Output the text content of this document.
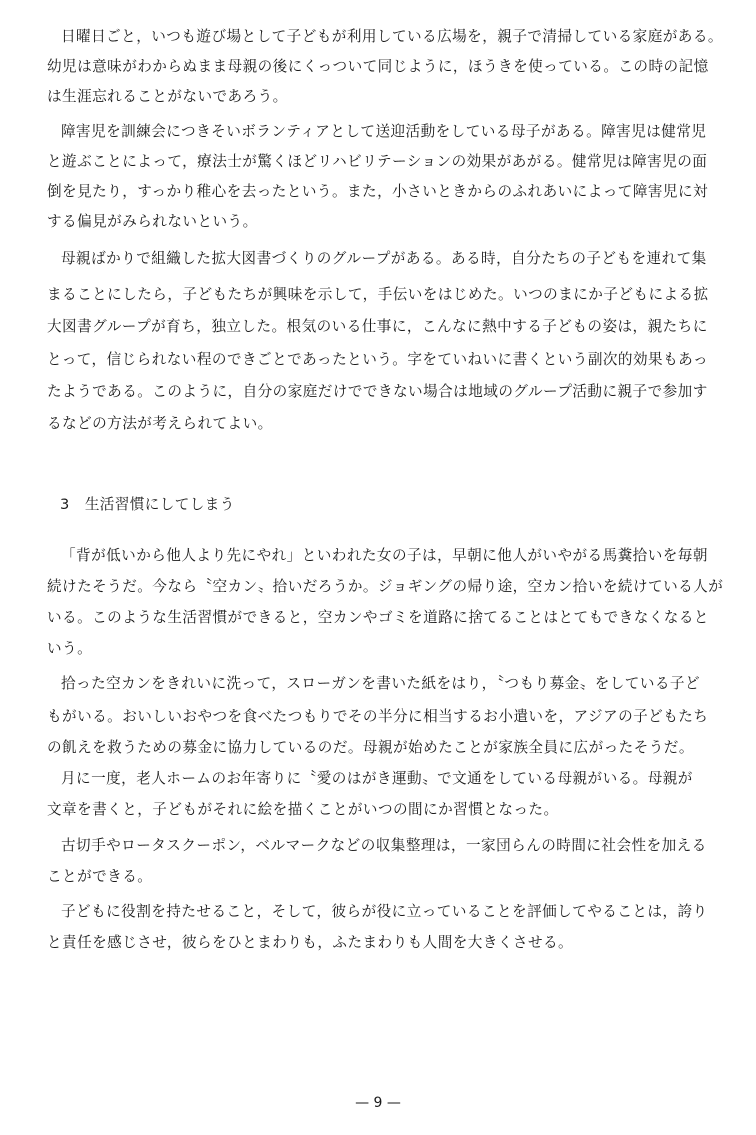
日曜日ごと，いつも遊び場として子どもが利用している広場を，親子で清掃している家庭がある。
幼児は意味がわからぬまま母親の後にくっついて同じように，ほうきを使っている。この時の記憶
は生涯忘れることがないであろう。
障害児を訓練会につきそいボランティアとして送迎活動をしている母子がある。障害児は健常児
と遊ぶことによって，療法士が驚くほどリハビリテーションの効果があがる。健常児は障害児の面
倒を見たり，すっかり稚心を去ったという。また，小さいときからのふれあいによって障害児に対
する偏見がみられないという。
母親ばかりで組織した拡大図書づくりのグループがある。ある時，自分たちの子どもを連れて集
まることにしたら，子どもたちが興味を示して，手伝いをはじめた。いつのまにか子どもによる拡
大図書グループが育ち，独立した。根気のいる仕事に，こんなに熱中する子どもの姿は，親たちに
とって，信じられない程のできごとであったという。字をていねいに書くという副次的効果もあっ
たようである。このように，自分の家庭だけでできない場合は地域のグループ活動に親子で参加す
るなどの方法が考えられてよい。
3 生活習慣にしてしまう
「背が低いから他人より先にやれ」といわれた女の子は，早朝に他人がいやがる馬糞拾いを毎朝
続けたそうだ。今なら〝空カン〟拾いだろうか。ジョギングの帰り途，空カン拾いを続けている人が
いる。このような生活習慣ができると，空カンやゴミを道路に捨てることはとてもできなくなると
いう。
拾った空カンをきれいに洗って，スローガンを書いた紙をはり，〝つもり募金〟をしている子ど
もがいる。おいしいおやつを食べたつもりでその半分に相当するお小遣いを，アジアの子どもたち
の飢えを救うための募金に協力しているのだ。母親が始めたことが家族全員に広がったそうだ。
月に一度，老人ホームのお年寄りに〝愛のはがき運動〟で文通をしている母親がいる。母親が
文章を書くと，子どもがそれに絵を描くことがいつの間にか習慣となった。
古切手やロータスクーポン，ベルマークなどの収集整理は，一家団らんの時間に社会性を加える
ことができる。
子どもに役割を持たせること，そして，彼らが役に立っていることを評価してやることは，誇り
と責任を感じさせ，彼らをひとまわりも，ふたまわりも人間を大きくさせる。
— 9 —
